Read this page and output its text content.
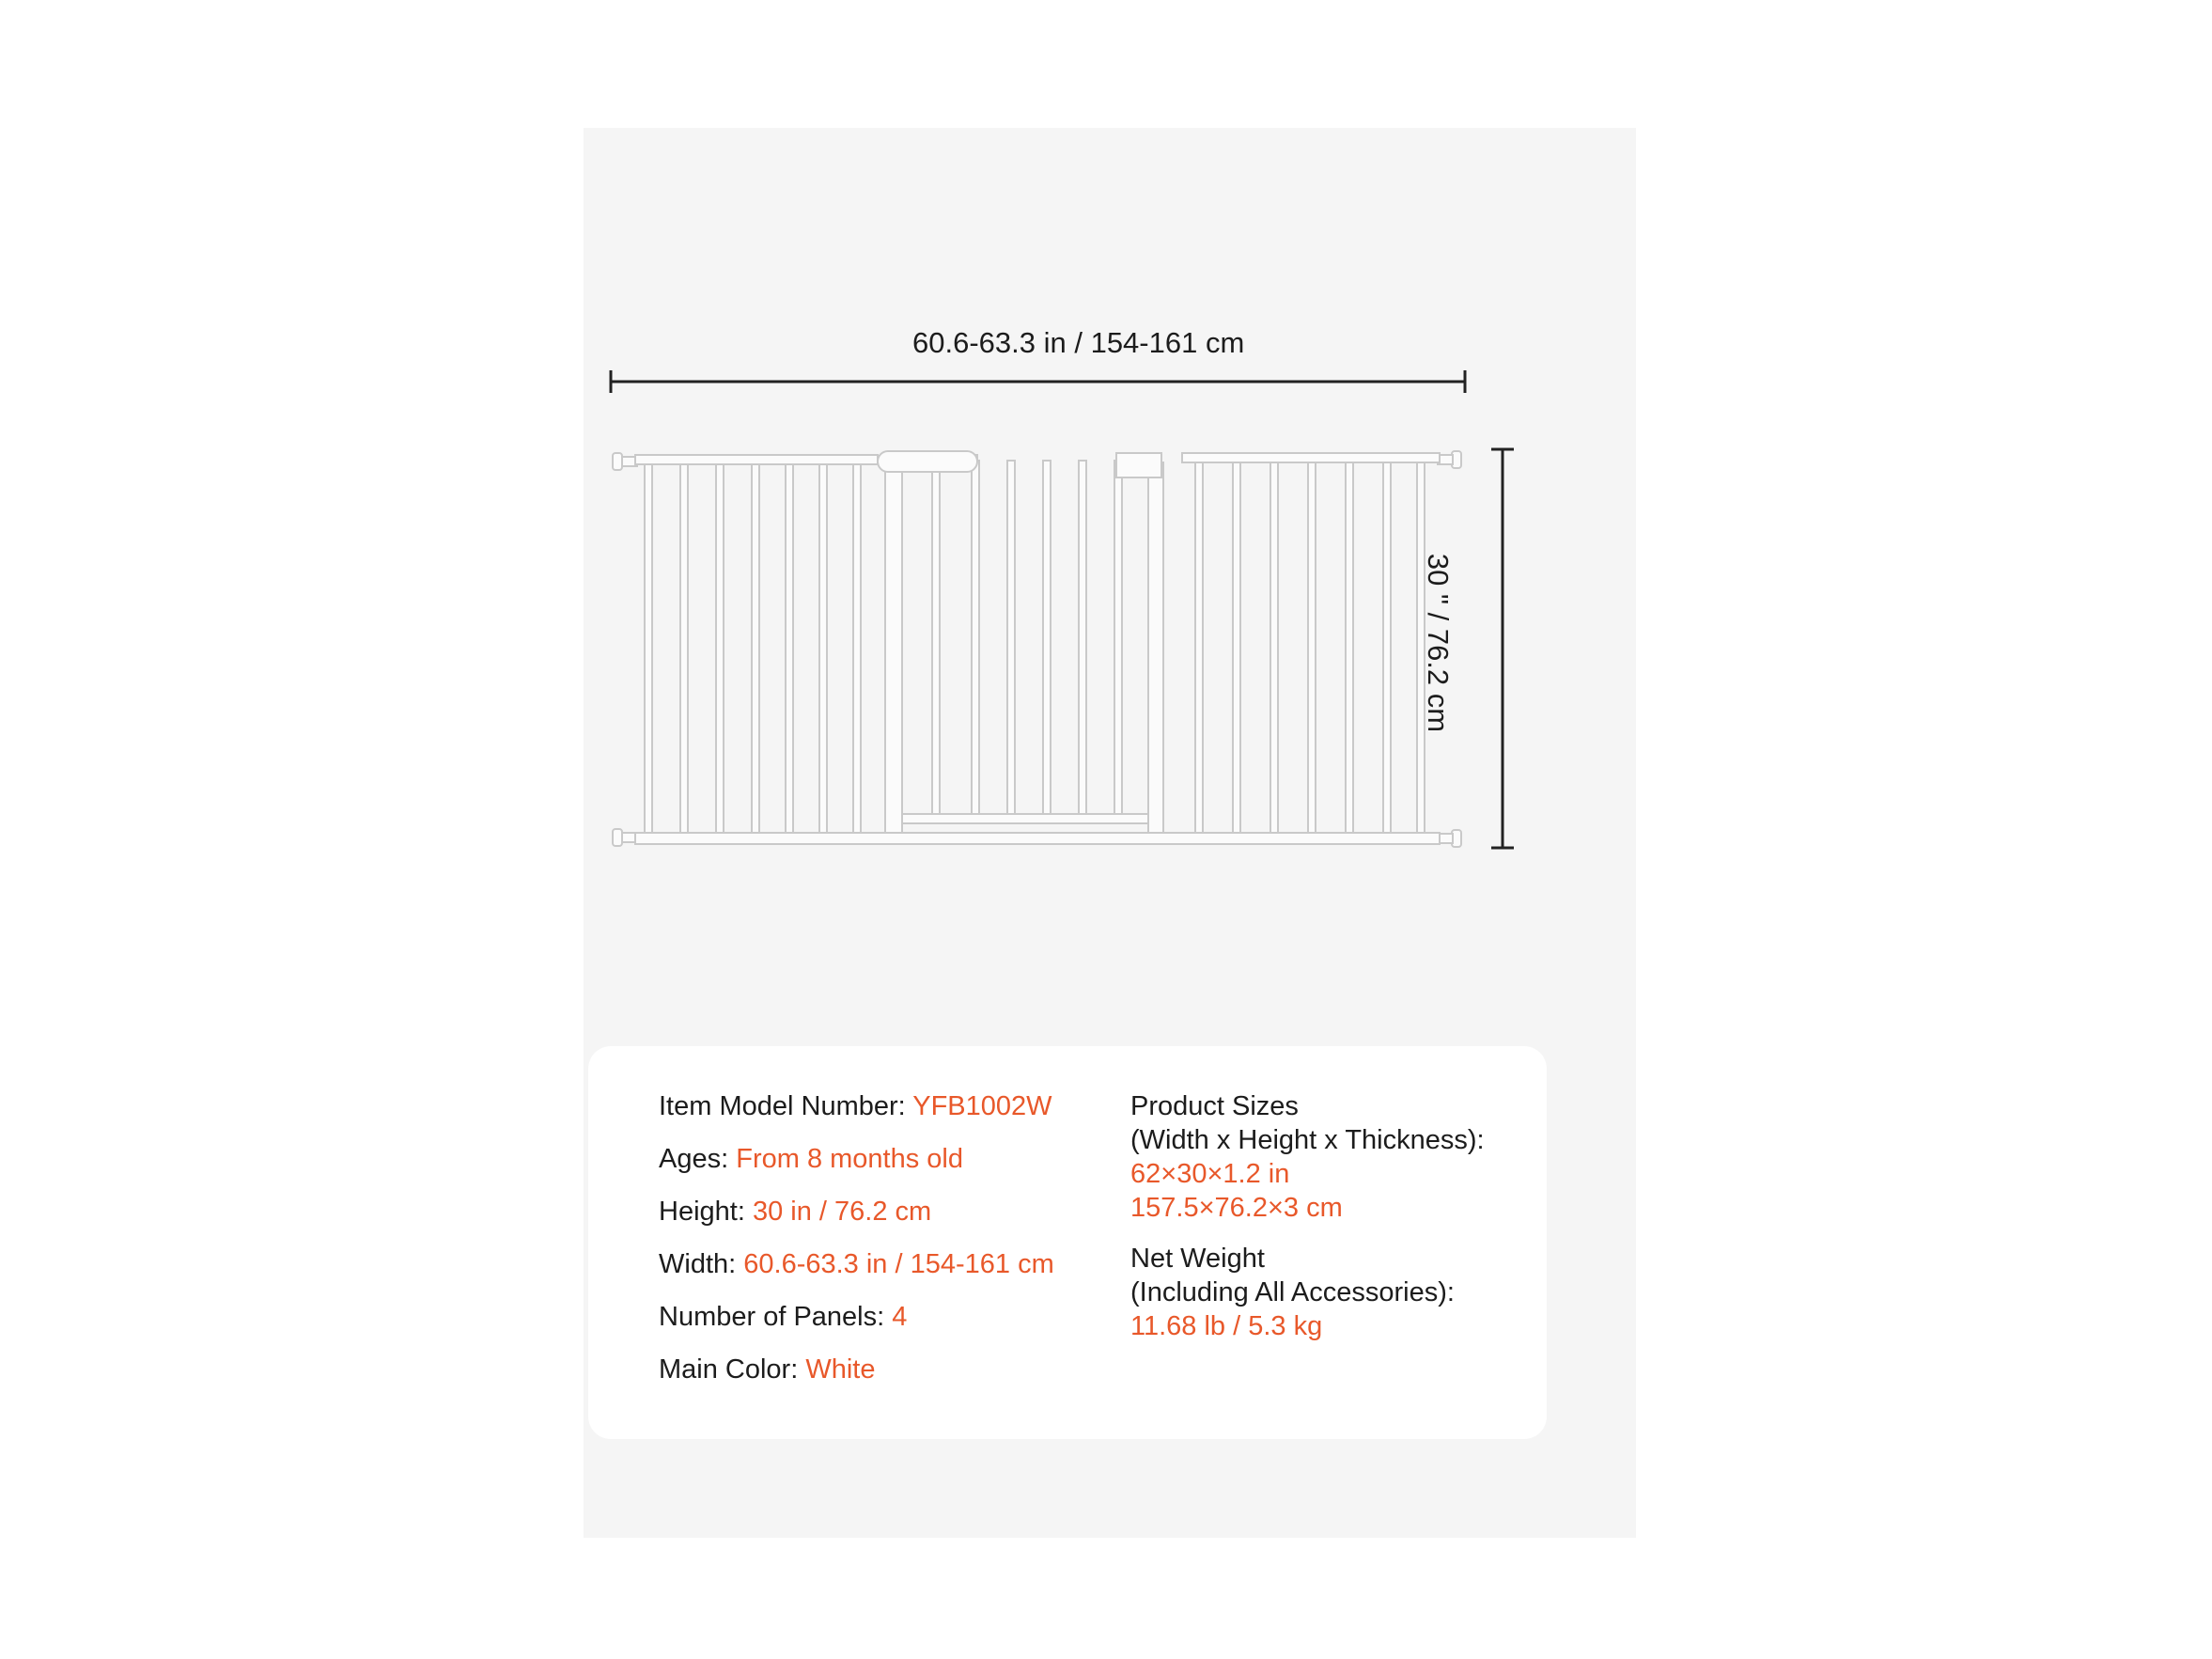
60.6-63.3 in / 154-161 cm
30 " / 76.2 cm
Item Model Number: YFB1002W
Ages: From 8 months old
Height: 30 in / 76.2 cm
Width: 60.6-63.3 in / 154-161 cm
Number of Panels: 4
Main Color: White
Product Sizes
(Width x Height x Thickness):
62×30×1.2 in
157.5×76.2×3 cm
Net Weight
(Including All Accessories):
11.68 lb / 5.3 kg
